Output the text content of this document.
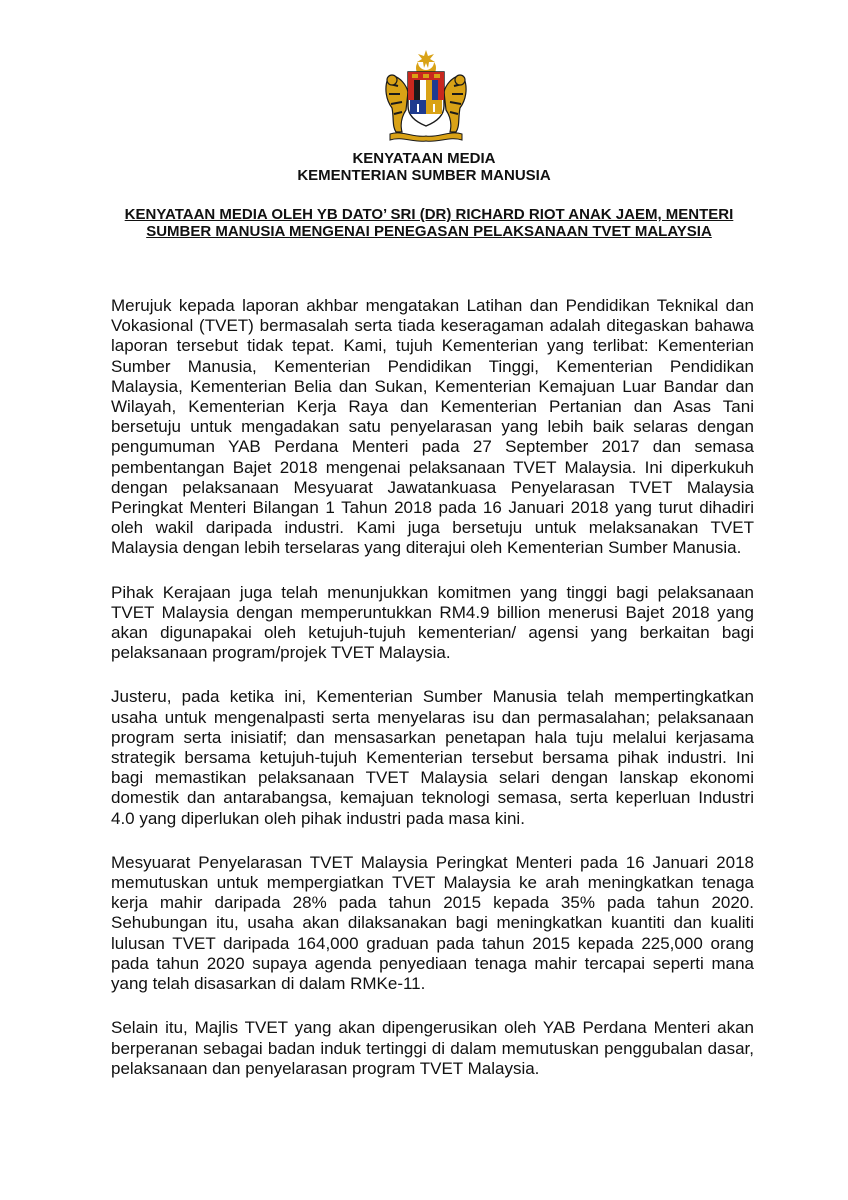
KENYATAAN MEDIA
KEMENTERIAN SUMBER MANUSIA
KENYATAAN MEDIA OLEH YB DATO’ SRI (DR) RICHARD RIOT ANAK JAEM, MENTERI SUMBER MANUSIA MENGENAI PENEGASAN PELAKSANAAN TVET MALAYSIA

Merujuk kepada laporan akhbar mengatakan Latihan dan Pendidikan Teknikal dan Vokasional (TVET) bermasalah serta tiada keseragaman adalah ditegaskan bahawa laporan tersebut tidak tepat. Kami, tujuh Kementerian yang terlibat: Kementerian Sumber Manusia, Kementerian Pendidikan Tinggi, Kementerian Pendidikan Malaysia, Kementerian Belia dan Sukan, Kementerian Kemajuan Luar Bandar dan Wilayah, Kementerian Kerja Raya dan Kementerian Pertanian dan Asas Tani bersetuju untuk mengadakan satu penyelarasan yang lebih baik selaras dengan pengumuman YAB Perdana Menteri pada 27 September 2017 dan semasa pembentangan Bajet 2018 mengenai pelaksanaan TVET Malaysia. Ini diperkukuh dengan pelaksanaan Mesyuarat Jawatankuasa Penyelarasan TVET Malaysia Peringkat Menteri Bilangan 1 Tahun 2018 pada 16 Januari 2018 yang turut dihadiri oleh wakil daripada industri. Kami juga bersetuju untuk melaksanakan TVET Malaysia dengan lebih terselaras yang diterajui oleh Kementerian Sumber Manusia.

Pihak Kerajaan juga telah menunjukkan komitmen yang tinggi bagi pelaksanaan TVET Malaysia dengan memperuntukkan RM4.9 billion menerusi Bajet 2018 yang akan digunapakai oleh ketujuh-tujuh kementerian/ agensi yang berkaitan bagi pelaksanaan program/projek TVET Malaysia.

Justeru, pada ketika ini, Kementerian Sumber Manusia telah mempertingkatkan usaha untuk mengenalpasti serta menyelaras isu dan permasalahan; pelaksanaan program serta inisiatif; dan mensasarkan penetapan hala tuju melalui kerjasama strategik bersama ketujuh-tujuh Kementerian tersebut bersama pihak industri. Ini bagi memastikan pelaksanaan TVET Malaysia selari dengan lanskap ekonomi domestik dan antarabangsa, kemajuan teknologi semasa, serta keperluan Industri 4.0 yang diperlukan oleh pihak industri pada masa kini.

Mesyuarat Penyelarasan TVET Malaysia Peringkat Menteri pada 16 Januari 2018 memutuskan untuk mempergiatkan TVET Malaysia ke arah meningkatkan tenaga kerja mahir daripada 28% pada tahun 2015 kepada 35% pada tahun 2020. Sehubungan itu, usaha akan dilaksanakan bagi meningkatkan kuantiti dan kualiti lulusan TVET daripada 164,000 graduan pada tahun 2015 kepada 225,000 orang pada tahun 2020 supaya agenda penyediaan tenaga mahir tercapai seperti mana yang telah disasarkan di dalam RMKe-11.

Selain itu, Majlis TVET yang akan dipengerusikan oleh YAB Perdana Menteri akan berperanan sebagai badan induk tertinggi di dalam memutuskan penggubalan dasar, pelaksanaan dan penyelarasan program TVET Malaysia.
